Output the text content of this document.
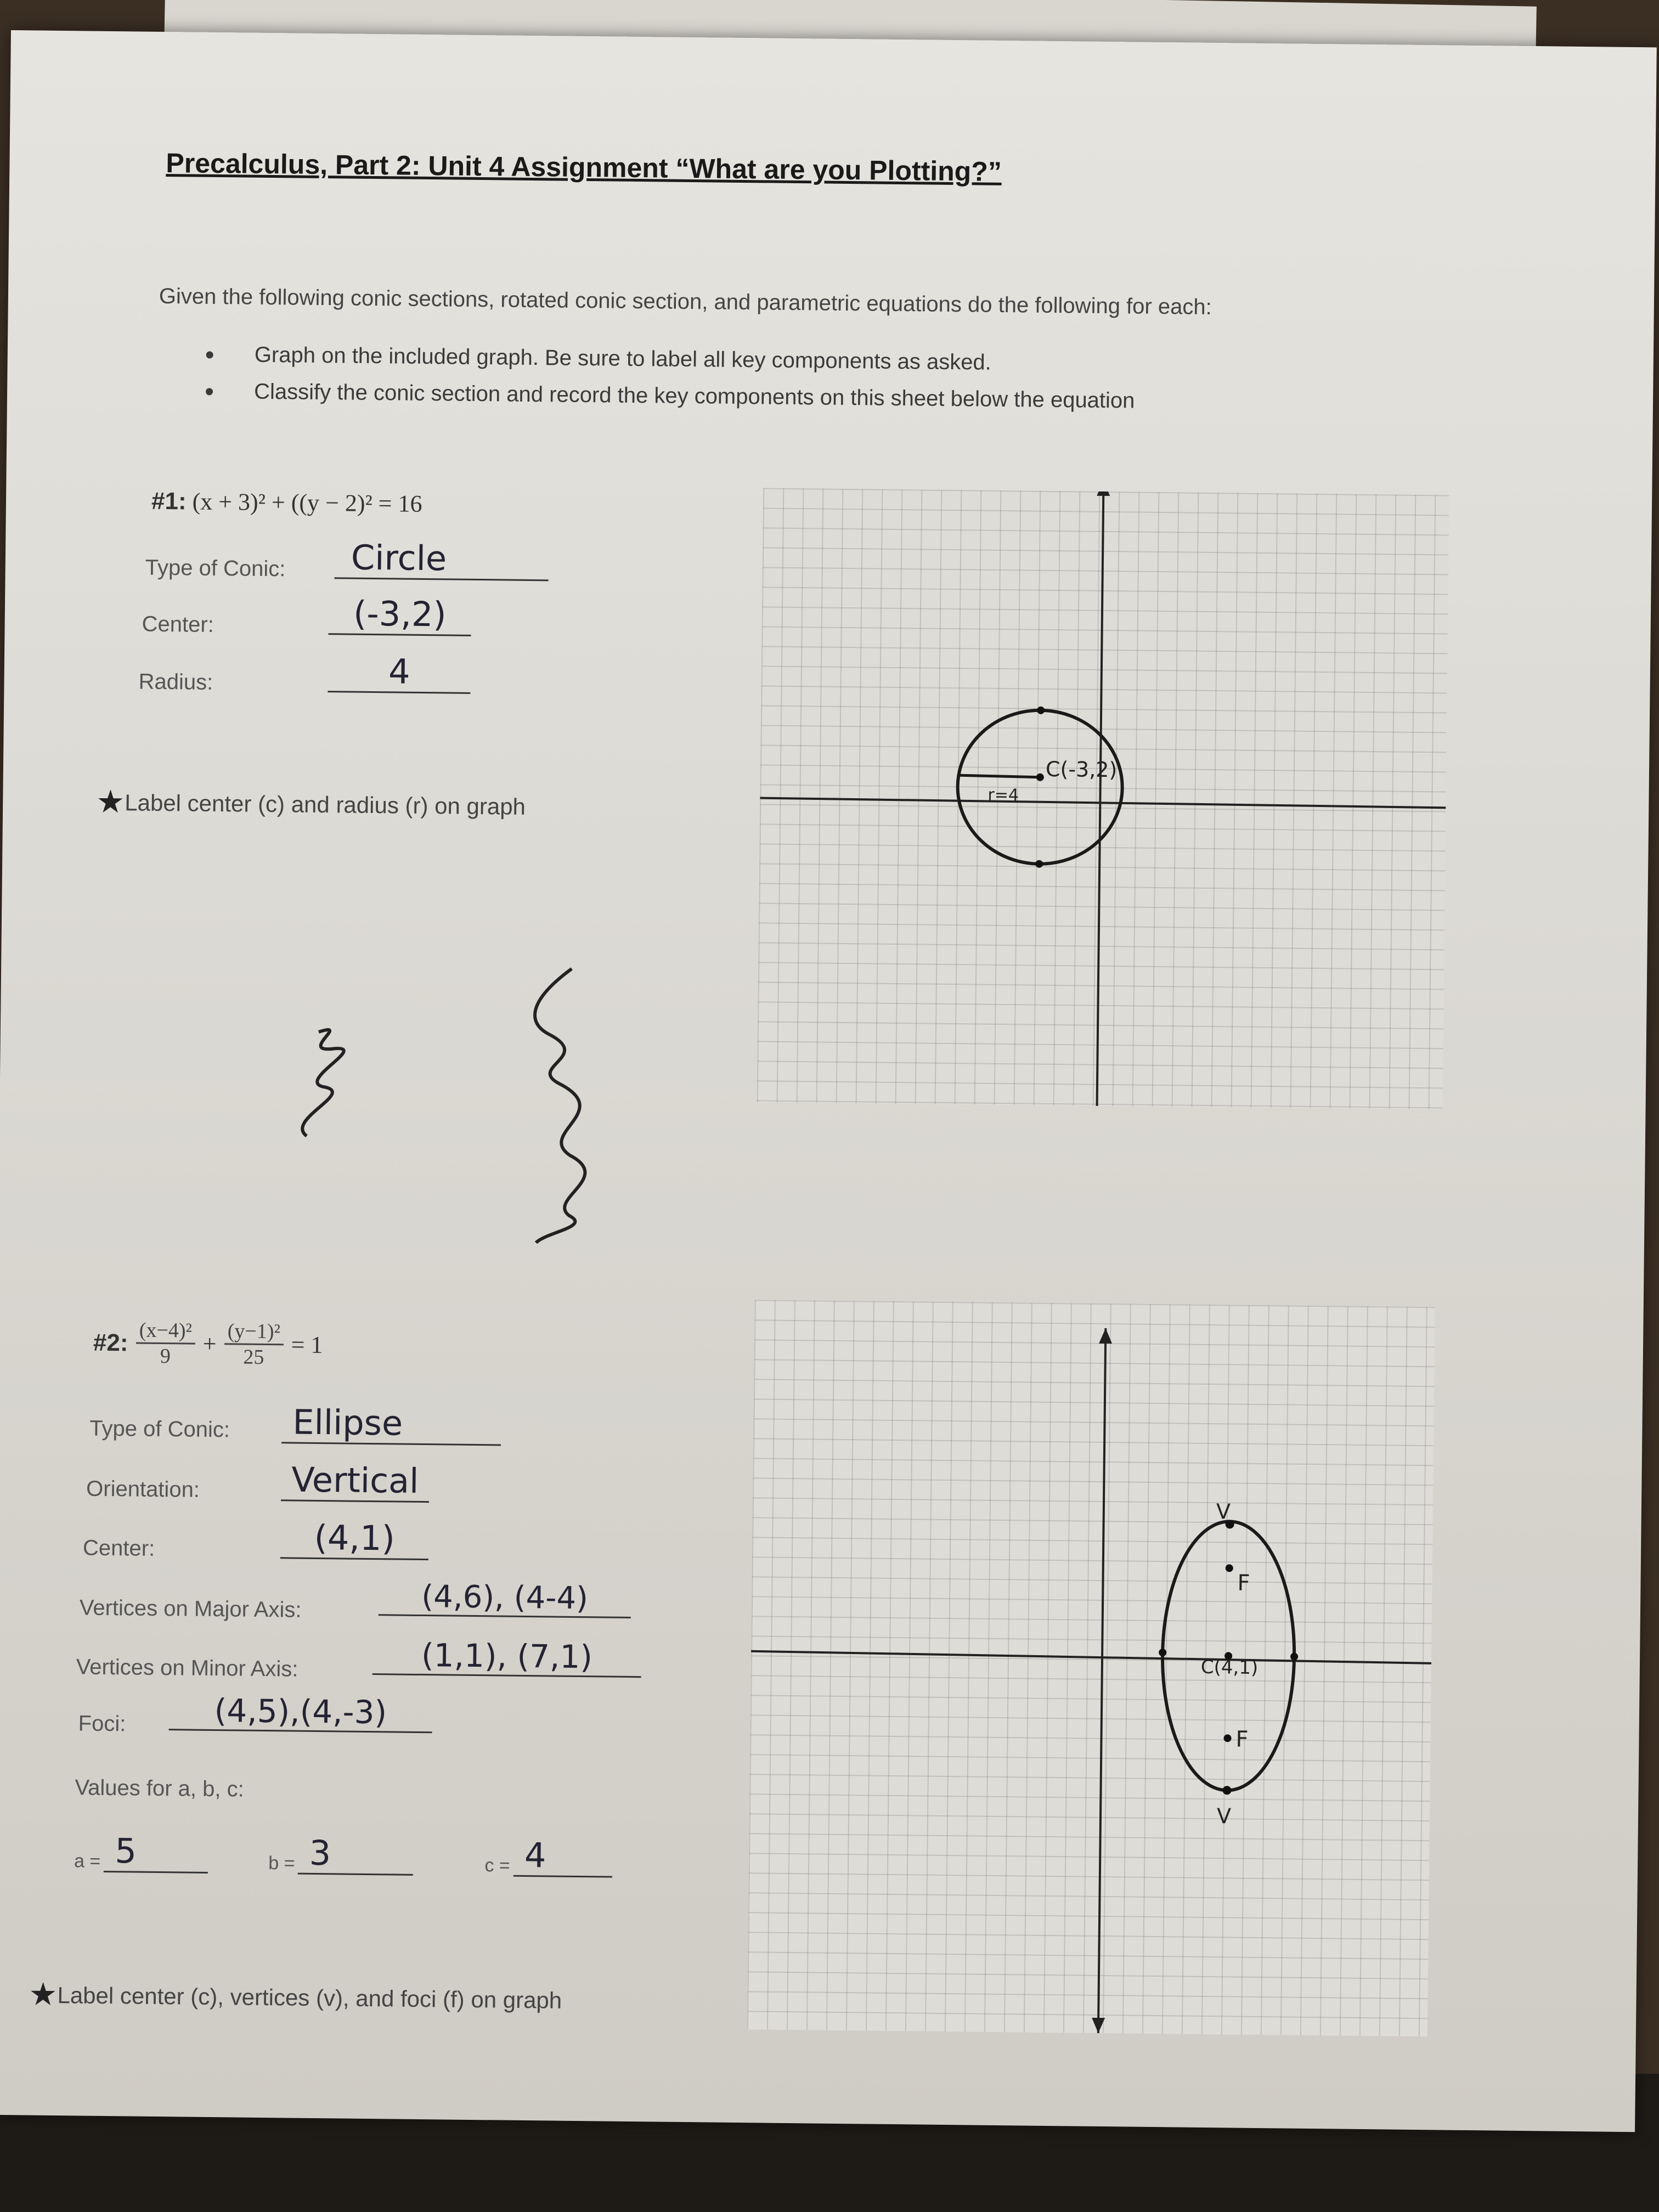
Precalculus, Part 2: Unit 4 Assignment “What are you Plotting?”
Given the following conic sections, rotated conic section, and parametric equations do the following for each:
• Graph on the included graph. Be sure to label all key components as asked.
• Classify the conic section and record the key components on this sheet below the equation
#1: (x + 3)² + ((y − 2)² = 16
Type of Conic:	Circle
Center:	(-3,2)
Radius:	4
★Label center (c) and radius (r) on graph
C(-3,2)
r=4
#2: $\frac{\text{(x−4)²}}{9} + \frac{\text{(y−1)²}}{25} = 1$
Type of Conic:	Ellipse
Orientation:	Vertical
Center:	(4,1)
Vertices on Major Axis:	(4,6), (4-4)
Vertices on Minor Axis:	(1,1), (7,1)
Foci:	(4,5),(4,-3)
Values for a, b, c:
a = 5	b = 3	c = 4
★Label center (c), vertices (v), and foci (f) on graph
V
F
C(4,1)
F
V
